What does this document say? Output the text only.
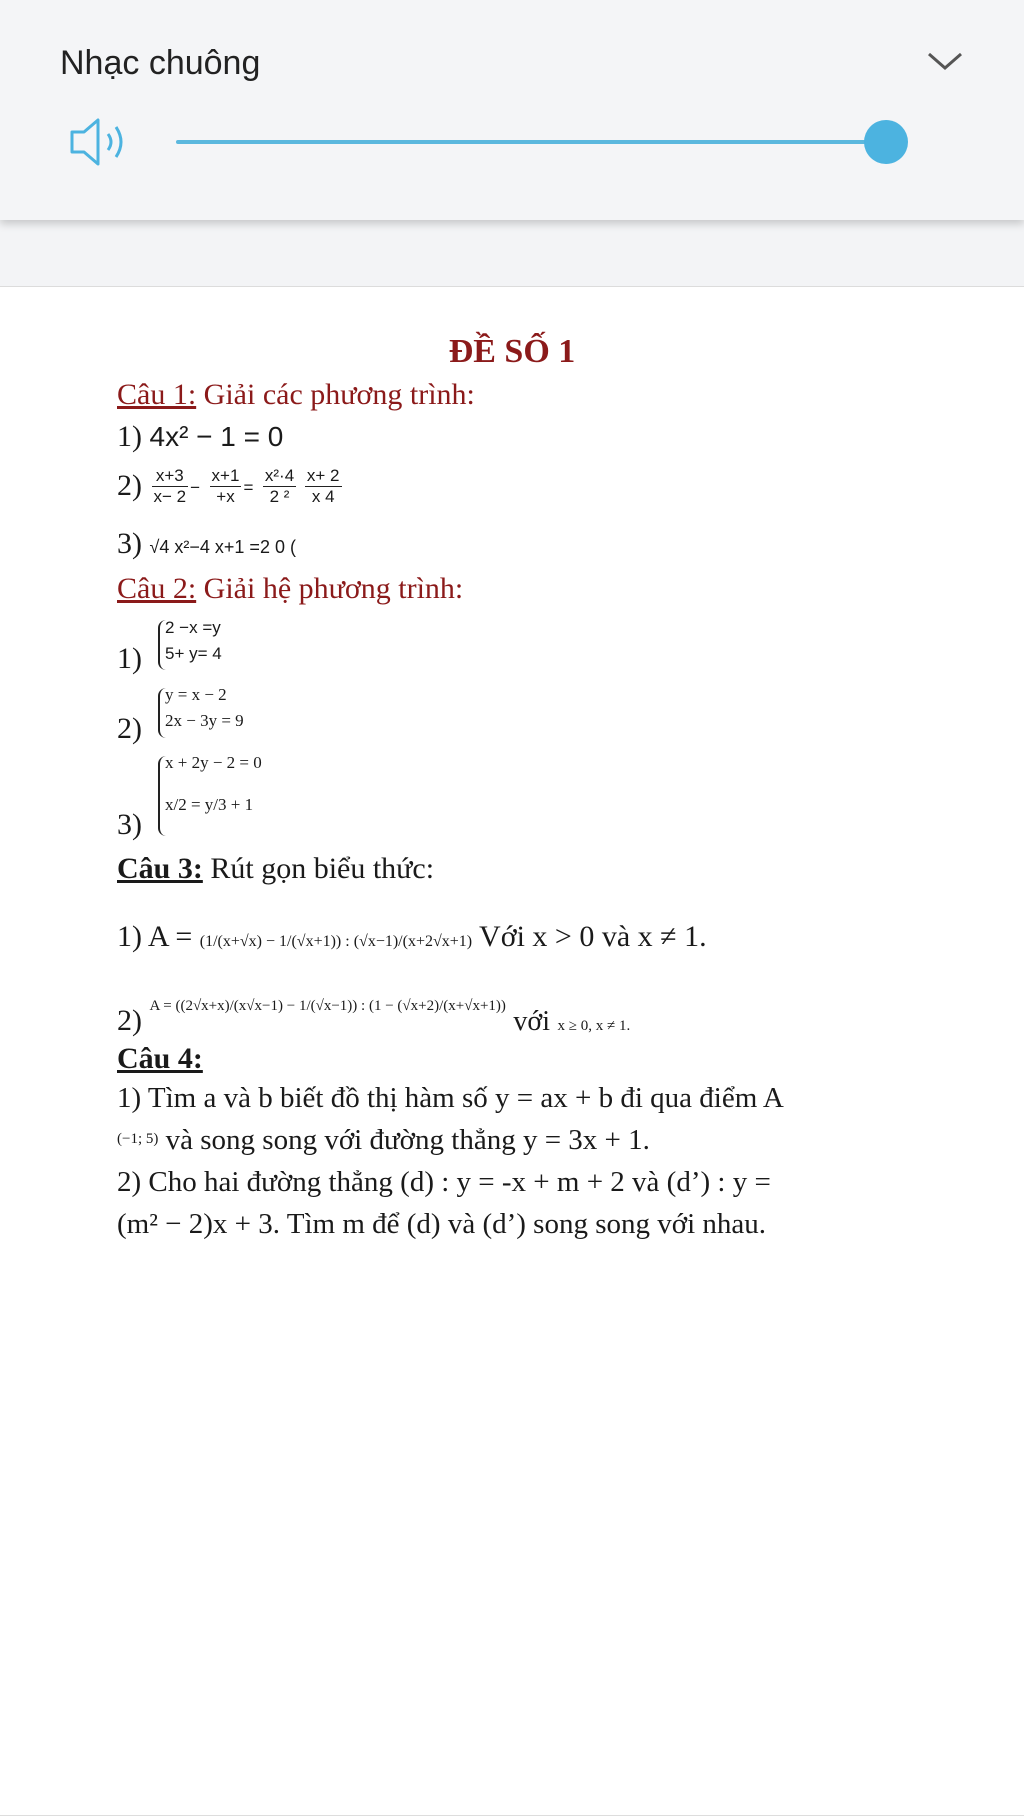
Nhạc chuông
ĐỀ SỐ 1
Câu 1: Giải các phương trình:
1) 4x² − 1 = 0
$2) \frac{x+3}{x- 2} - \frac{x+1}{+x} = \frac{\text{x²·4}}{\text{2 ²}}$
$\frac{x+ 2}{x 4}$
3) √4 x²−4 x+1 =2 0 (
Câu 2: Giải hệ phương trình:
1)
2 −x =y
5+ y= 4
2)
y = x − 2
2x − 3y = 9
3)
x + 2y − 2 = 0
x/2 = y/3 + 1
Câu 3: Rút gọn biểu thức:
1) A = (1/(x+√x) − 1/(√x+1)) : (√x−1)/(x+2√x+1) Với x > 0 và x ≠ 1.
2) $^{A = ((2√x+x)/(x√x-1) - 1/(√x-1)) : (1 - (√x+2)/(x+√x+1))}$ với x ≥ 0, x ≠ 1.
Câu 4:
1) Tìm a và b biết đồ thị hàm số y = ax + b đi qua điểm A
$^{(-1; 5)}$ và song song với đường thẳng y = 3x + 1.
2) Cho hai đường thẳng (d) : y = -x + m + 2 và (d’) : y =
(m² − 2)x + 3. Tìm m để (d) và (d’) song song với nhau.
